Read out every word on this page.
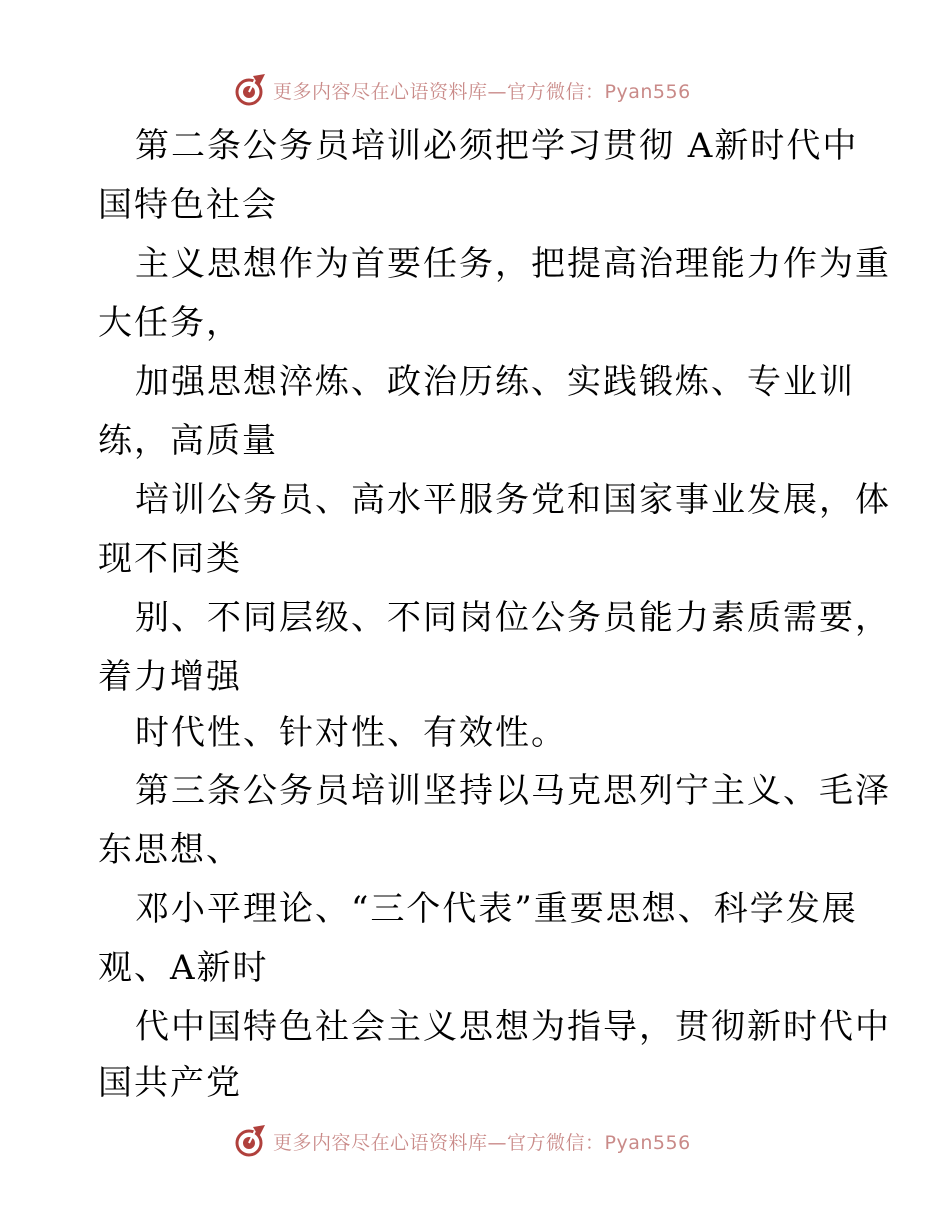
更多内容尽在心语资料库—官方微信：Pyan556
第二条公务员培训必须把学习贯彻 A新时代中
国特色社会
主义思想作为首要任务，把提高治理能力作为重
大任务，
加强思想淬炼、政治历练、实践锻炼、专业训
练，高质量
培训公务员、高水平服务党和国家事业发展，体
现不同类
别、不同层级、不同岗位公务员能力素质需要，
着力增强
时代性、针对性、有效性。
第三条公务员培训坚持以马克思列宁主义、毛泽
东思想、
邓小平理论、“三个代表”重要思想、科学发展
观、A新时
代中国特色社会主义思想为指导，贯彻新时代中
国共产党
更多内容尽在心语资料库—官方微信：Pyan556
